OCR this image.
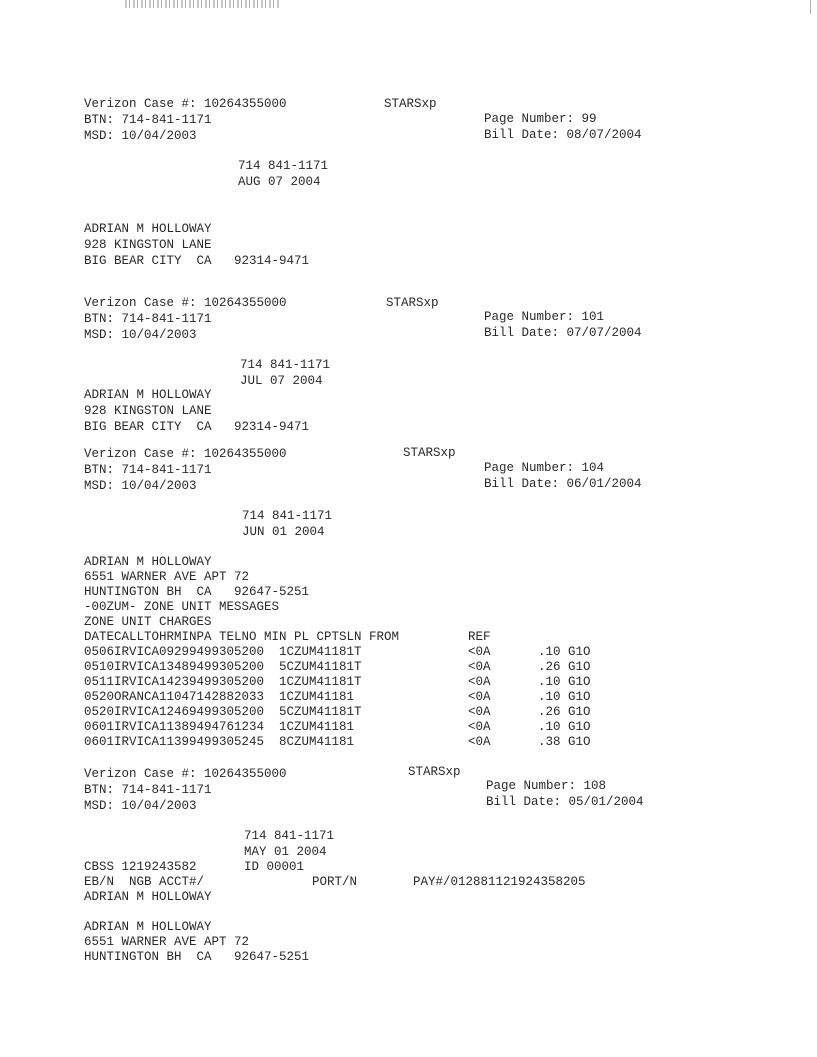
Verizon Case #: 10264355000	STARSxp
BTN: 714-841-1171	Page Number: 99
MSD: 10/04/2003	Bill Date: 08/07/2004
714 841-1171
AUG 07 2004
ADRIAN M HOLLOWAY
928 KINGSTON LANE
BIG BEAR CITY  CA   92314-9471
Verizon Case #: 10264355000	STARSxp
BTN: 714-841-1171	Page Number: 101
MSD: 10/04/2003	Bill Date: 07/07/2004
714 841-1171
JUL 07 2004
ADRIAN M HOLLOWAY
928 KINGSTON LANE
BIG BEAR CITY  CA   92314-9471
Verizon Case #: 10264355000	STARSxp
BTN: 714-841-1171	Page Number: 104
MSD: 10/04/2003	Bill Date: 06/01/2004
714 841-1171
JUN 01 2004
ADRIAN M HOLLOWAY
6551 WARNER AVE APT 72
HUNTINGTON BH  CA   92647-5251
-00ZUM- ZONE UNIT MESSAGES
ZONE UNIT CHARGES
DATECALLTOHRMINPA TELNO MIN PL CPTSLN FROM	REF
0506IRVICA09299499305200  1CZUM41181T	<0A	.10 G1O
0510IRVICA13489499305200  5CZUM41181T	<0A	.26 G1O
0511IRVICA14239499305200  1CZUM41181T	<0A	.10 G1O
0520ORANCA11047142882033  1CZUM41181	<0A	.10 G1O
0520IRVICA12469499305200  5CZUM41181T	<0A	.26 G1O
0601IRVICA11389494761234  1CZUM41181	<0A	.10 G1O
0601IRVICA11399499305245  8CZUM41181	<0A	.38 G1O
Verizon Case #: 10264355000	STARSxp
BTN: 714-841-1171	Page Number: 108
MSD: 10/04/2003	Bill Date: 05/01/2004
714 841-1171
MAY 01 2004
CBSS 1219243582	ID 00001
EB/N  NGB ACCT#/	PORT/N	PAY#/012881121924358205
ADRIAN M HOLLOWAY
ADRIAN M HOLLOWAY
6551 WARNER AVE APT 72
HUNTINGTON BH  CA   92647-5251
